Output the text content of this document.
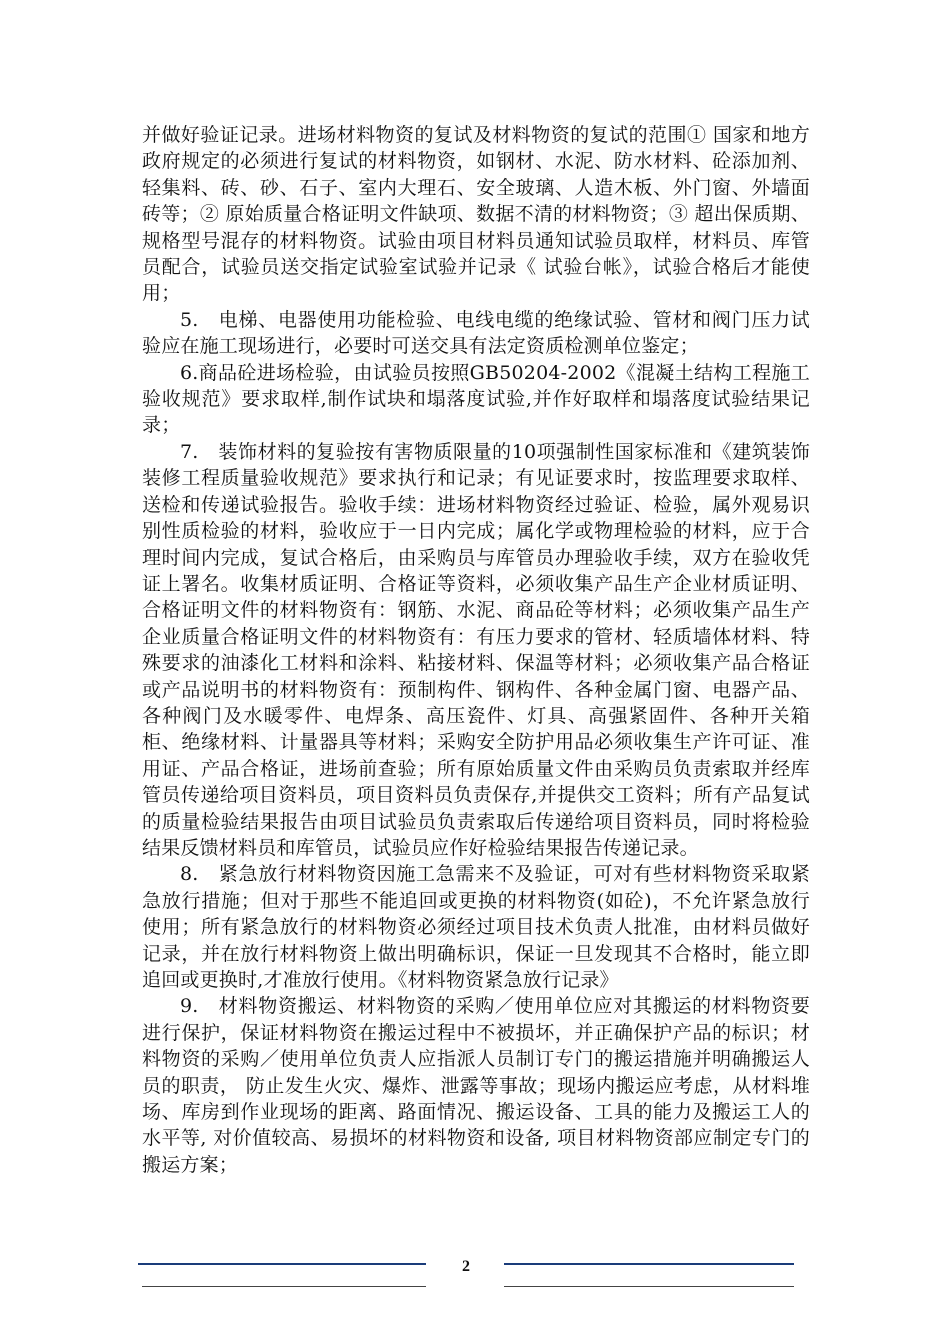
并做好验证记录。进场材料物资的复试及材料物资的复试的范围① 国家和地方政府规定的必须进行复试的材料物资，如钢材、水泥、防水材料、砼添加剂、轻集料、砖、砂、石子、室内大理石、安全玻璃、人造木板、外门窗、外墙面砖等；② 原始质量合格证明文件缺项、数据不清的材料物资；③ 超出保质期、规格型号混存的材料物资。试验由项目材料员通知试验员取样，材料员、库管员配合，试验员送交指定试验室试验并记录《 试验台帐》，试验合格后才能使用；

5.　电梯、电器使用功能检验、电线电缆的绝缘试验、管材和阀门压力试验应在施工现场进行，必要时可送交具有法定资质检测单位鉴定；

6.商品砼进场检验，由试验员按照GB50204-2002《混凝土结构工程施工验收规范》要求取样,制作试块和塌落度试验,并作好取样和塌落度试验结果记录；

7.　装饰材料的复验按有害物质限量的10项强制性国家标准和《建筑装饰装修工程质量验收规范》要求执行和记录；有见证要求时，按监理要求取样、送检和传递试验报告。验收手续：进场材料物资经过验证、检验，属外观易识别性质检验的材料，验收应于一日内完成；属化学或物理检验的材料，应于合理时间内完成，复试合格后，由采购员与库管员办理验收手续，双方在验收凭证上署名。收集材质证明、合格证等资料，必须收集产品生产企业材质证明、合格证明文件的材料物资有：钢筋、水泥、商品砼等材料；必须收集产品生产企业质量合格证明文件的材料物资有：有压力要求的管材、轻质墙体材料、特殊要求的油漆化工材料和涂料、粘接材料、保温等材料；必须收集产品合格证或产品说明书的材料物资有：预制构件、钢构件、各种金属门窗、电器产品、各种阀门及水暖零件、电焊条、高压瓷件、灯具、高强紧固件、各种开关箱柜、绝缘材料、计量器具等材料；采购安全防护用品必须收集生产许可证、准用证、产品合格证，进场前查验；所有原始质量文件由采购员负责索取并经库管员传递给项目资料员，项目资料员负责保存,并提供交工资料；所有产品复试的质量检验结果报告由项目试验员负责索取后传递给项目资料员，同时将检验结果反馈材料员和库管员，试验员应作好检验结果报告传递记录。

8.　紧急放行材料物资因施工急需来不及验证，可对有些材料物资采取紧急放行措施；但对于那些不能追回或更换的材料物资(如砼)，不允许紧急放行使用；所有紧急放行的材料物资必须经过项目技术负责人批准，由材料员做好记录，并在放行材料物资上做出明确标识，保证一旦发现其不合格时，能立即追回或更换时,才准放行使用。《材料物资紧急放行记录》

9.　材料物资搬运、材料物资的采购／使用单位应对其搬运的材料物资要进行保护，保证材料物资在搬运过程中不被损坏，并正确保护产品的标识；材料物资的采购／使用单位负责人应指派人员制订专门的搬运措施并明确搬运人员的职责， 防止发生火灾、爆炸、泄露等事故；现场内搬运应考虑，从材料堆场、库房到作业现场的距离、路面情况、搬运设备、工具的能力及搬运工人的水平等, 对价值较高、易损坏的材料物资和设备, 项目材料物资部应制定专门的搬运方案；

2
